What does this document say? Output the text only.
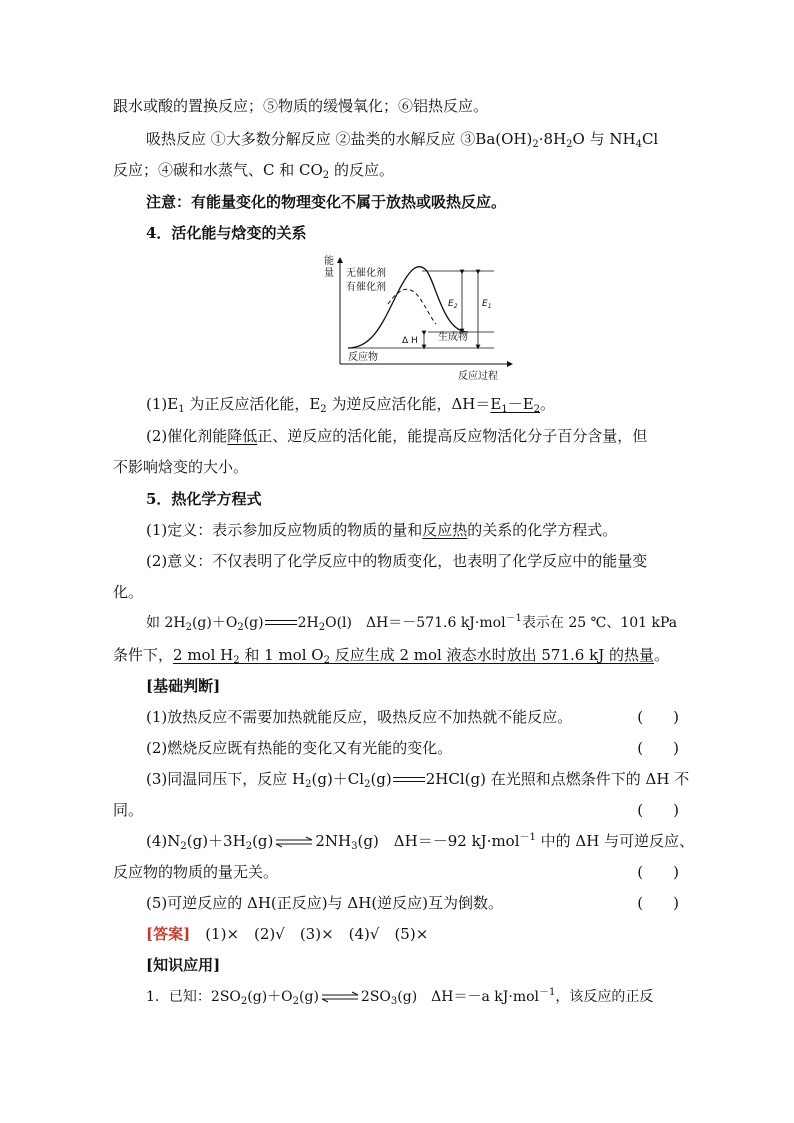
跟水或酸的置换反应；⑤物质的缓慢氧化；⑥铝热反应。
吸热反应 ①大多数分解反应 ②盐类的水解反应 $③Ba(OH)_2\cdot 8H_2O$ 与 $NH_4Cl$
反应；④碳和水蒸气、C 和 $CO_2$ 的反应。
注意：有能量变化的物理变化不属于放热或吸热反应。
4．活化能与焓变的关系
能
量
反应过程
无催化剂
有催化剂
$E_2$	$E_1$
Δ H 生成物
反应物
$(1)E_1$ 为正反应活化能，$E_2$ 为逆反应活化能，$\Delta H=E_1-E_2$。
(2)催化剂能降低正、逆反应的活化能，能提高反应物活化分子百分含量，但
不影响焓变的大小。
5．热化学方程式
(1)定义：表示参加反应物质的物质的量和反应热的关系的化学方程式。
(2)意义：不仅表明了化学反应中的物质变化，也表明了化学反应中的能量变
化。
如 $2H_2(g)+O_2(g)$ $2H_2O(l)$　ΔH＝－571.6 kJ·mol$^{-1}$表示在 25 ℃、101 kPa
条件下，2 mol $H_2$ 和 1 mol $O_2$ 反应生成 2 mol 液态水时放出 571.6 kJ 的热量。
[基础判断]
(1)放热反应不需要加热就能反应，吸热反应不加热就不能反应。	(　　)
(2)燃烧反应既有热能的变化又有光能的变化。	(　　)
(3)同温同压下，反应 $H_2(g)+Cl_2(g)$ 2HCl(g) 在光照和点燃条件下的 ΔH 不
同。	(　　)
$(4)N_2(g)+3H_2(g)\rightleftharpoons 2NH_3(g)$　ΔH＝－92 kJ·mol$^{-1}$ 中的 ΔH 与可逆反应、
反应物的物质的量无关。	(　　)
(5)可逆反应的 ΔH(正反应)与 ΔH(逆反应)互为倒数。	(　　)
[答案]　(1)×　(2)√　(3)×　(4)√　(5)×
[知识应用]
1．已知：$2SO_2(g)+O_2(g)\rightleftharpoons 2SO_3(g)$　ΔH＝－a kJ·mol$^{-1}$，该反应的正反
